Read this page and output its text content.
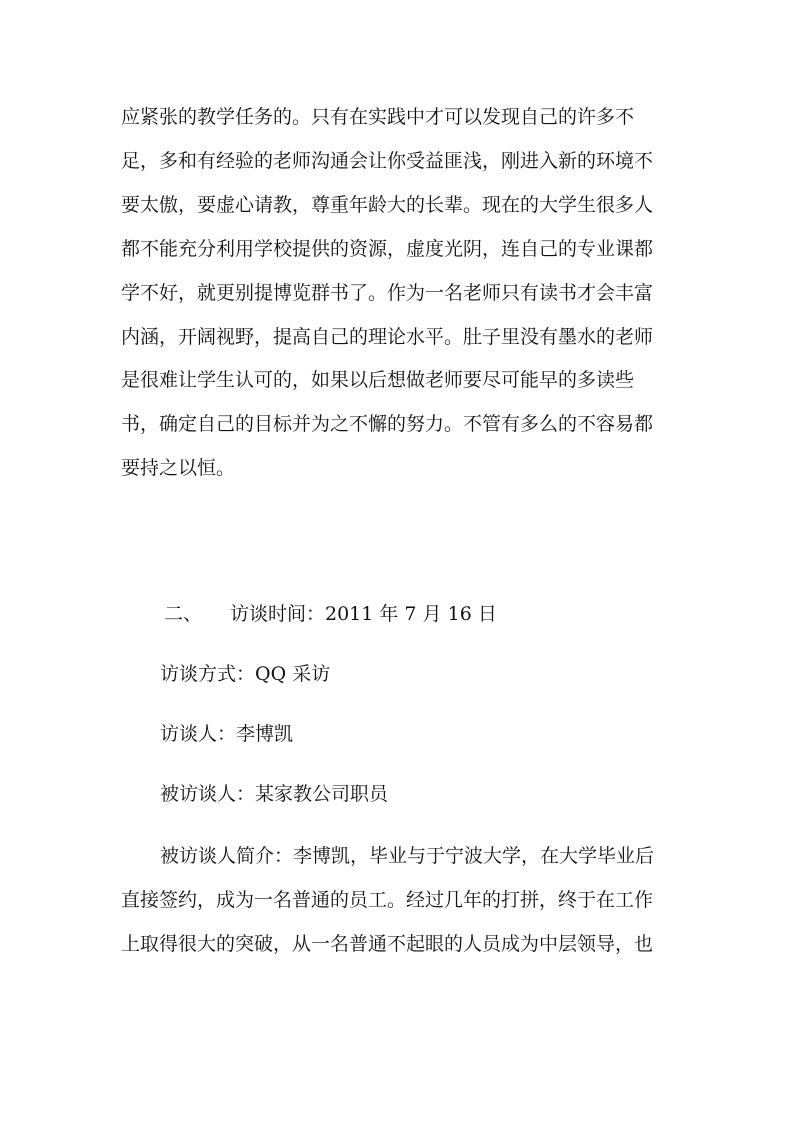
应紧张的教学任务的。只有在实践中才可以发现自己的许多不
足，多和有经验的老师沟通会让你受益匪浅，刚进入新的环境不
要太傲，要虚心请教，尊重年龄大的长辈。现在的大学生很多人
都不能充分利用学校提供的资源，虚度光阴，连自己的专业课都
学不好，就更别提博览群书了。作为一名老师只有读书才会丰富
内涵，开阔视野，提高自己的理论水平。肚子里没有墨水的老师
是很难让学生认可的，如果以后想做老师要尽可能早的多读些
书，确定自己的目标并为之不懈的努力。不管有多么的不容易都
要持之以恒。
二、 访谈时间：2011 年 7 月 16 日
访谈方式：QQ 采访
访谈人：李博凯
被访谈人：某家教公司职员
被访谈人简介：李博凯，毕业与于宁波大学，在大学毕业后
直接签约，成为一名普通的员工。经过几年的打拼，终于在工作
上取得很大的突破，从一名普通不起眼的人员成为中层领导，也
